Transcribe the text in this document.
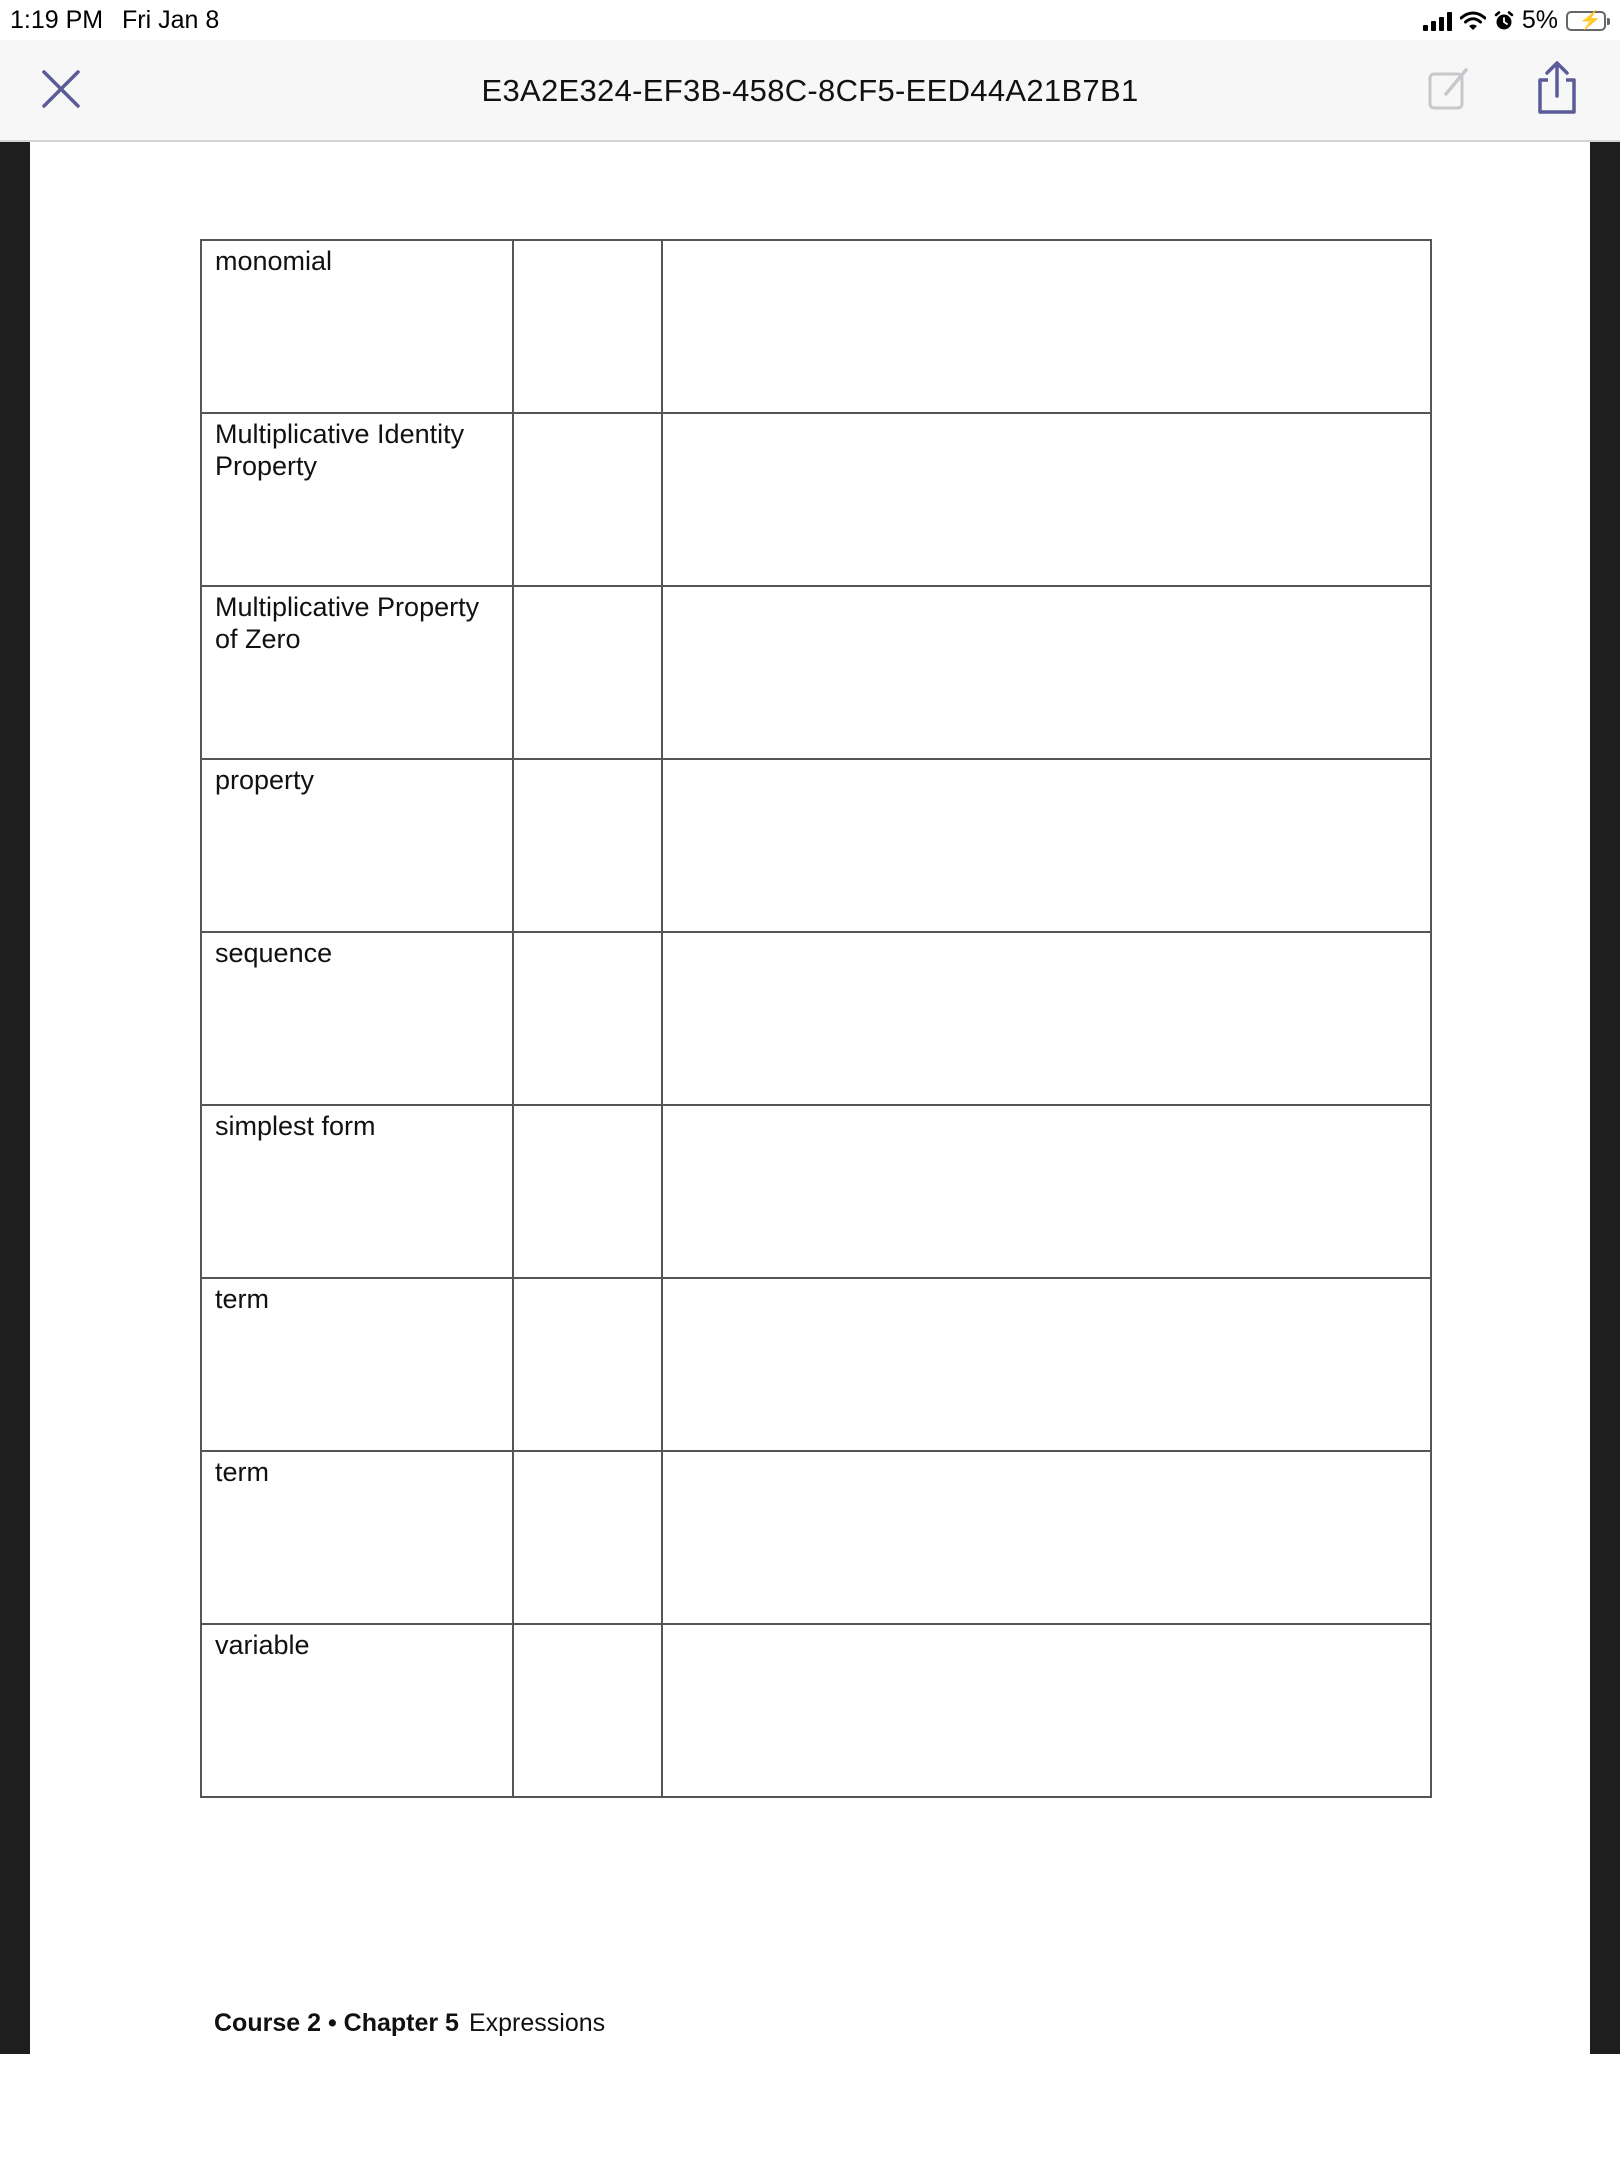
1:19 PM Fri Jan 8	5% ⚡
E3A2E324-EF3B-458C-8CF5-EED44A21B7B1
monomial		
Multiplicative Identity Property		
Multiplicative Property of Zero		
property		
sequence		
simplest form		
term		
term		
variable		
Course 2 • Chapter 5 Expressions
